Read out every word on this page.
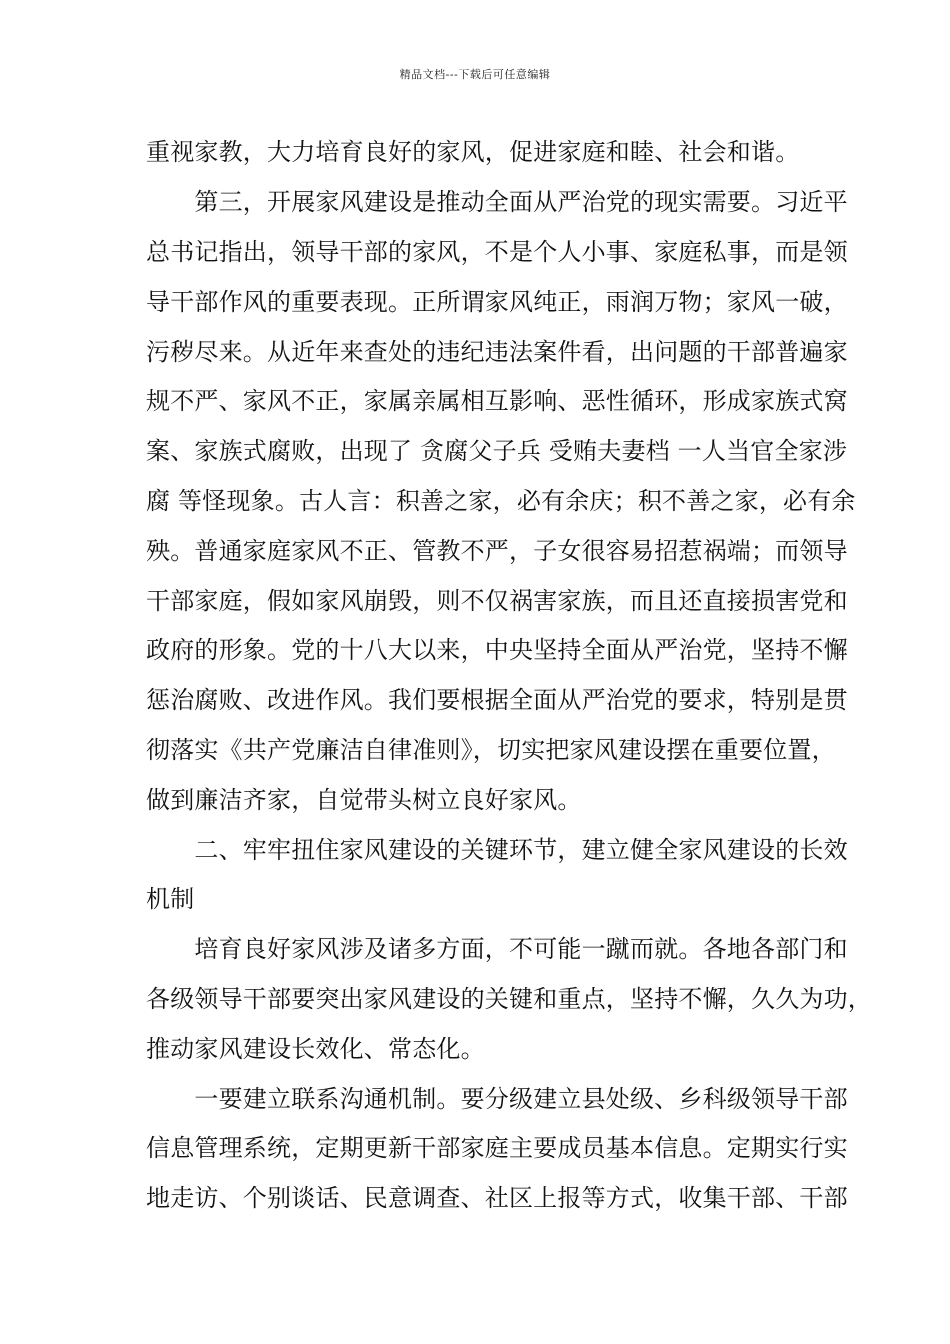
精品文档---下载后可任意编辑
重视家教，大力培育良好的家风，促进家庭和睦、社会和谐。
　　第三，开展家风建设是推动全面从严治党的现实需要。习近平
总书记指出，领导干部的家风，不是个人小事、家庭私事，而是领
导干部作风的重要表现。正所谓家风纯正，雨润万物；家风一破，
污秽尽来。从近年来查处的违纪违法案件看，出问题的干部普遍家
规不严、家风不正，家属亲属相互影响、恶性循环，形成家族式窝
案、家族式腐败，出现了 贪腐父子兵 受贿夫妻档 一人当官全家涉
腐 等怪现象。古人言：积善之家，必有余庆；积不善之家，必有余
殃。普通家庭家风不正、管教不严，子女很容易招惹祸端；而领导
干部家庭，假如家风崩毁，则不仅祸害家族，而且还直接损害党和
政府的形象。党的十八大以来，中央坚持全面从严治党，坚持不懈
惩治腐败、改进作风。我们要根据全面从严治党的要求，特别是贯
彻落实《共产党廉洁自律准则》，切实把家风建设摆在重要位置，
做到廉洁齐家，自觉带头树立良好家风。
　　二、牢牢扭住家风建设的关键环节，建立健全家风建设的长效
机制
　　培育良好家风涉及诸多方面，不可能一蹴而就。各地各部门和
各级领导干部要突出家风建设的关键和重点，坚持不懈，久久为功，
推动家风建设长效化、常态化。
　　一要建立联系沟通机制。要分级建立县处级、乡科级领导干部
信息管理系统，定期更新干部家庭主要成员基本信息。定期实行实
地走访、个别谈话、民意调查、社区上报等方式，收集干部、干部
